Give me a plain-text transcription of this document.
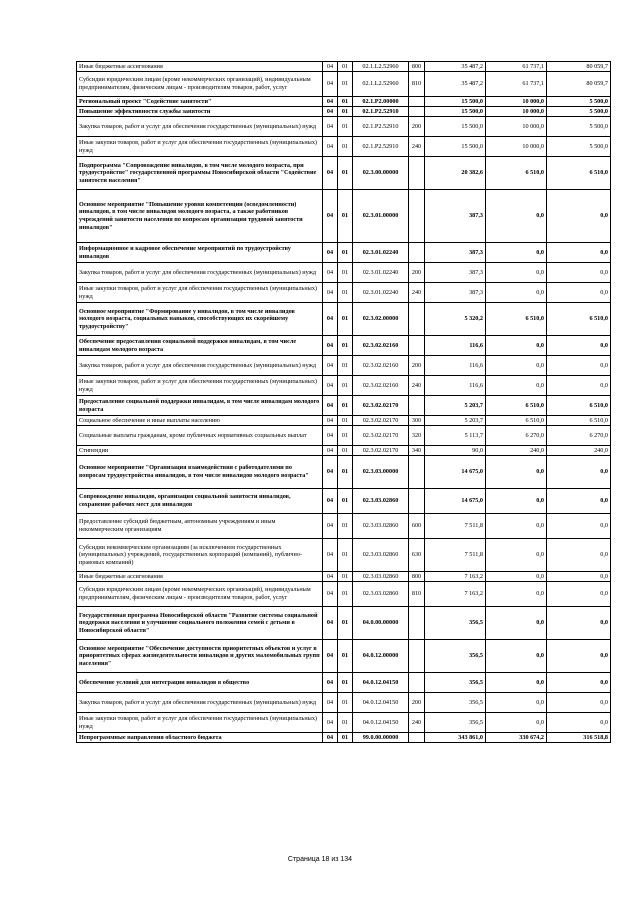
Иные бюджетные ассигнования	04	01	02.1.L2.52960	800	35 487,2	61 737,1	80 059,7
Субсидии юридическим лицам (кроме некоммерческих организаций), индивидуальным предпринимателям, физическим лицам - производителям товаров, работ, услуг	04	01	02.1.L2.52960	810	35 487,2	61 737,1	80 059,7
Региональный проект "Содействие занятости"	04	01	02.1.P2.00000		15 500,0	10 000,0	5 500,0
Повышение эффективности службы занятости	04	01	02.1.P2.52910		15 500,0	10 000,0	5 500,0
Закупка товаров, работ и услуг для обеспечения государственных (муниципальных) нужд	04	01	02.1.P2.52910	200	15 500,0	10 000,0	5 500,0
Иные закупки товаров, работ и услуг для обеспечения государственных (муниципальных) нужд	04	01	02.1.P2.52910	240	15 500,0	10 000,0	5 500,0
Подпрограмма "Сопровождение инвалидов, в том числе молодого возраста, при трудоустройстве" государственной программы Новосибирской области "Содействие занятости населения"	04	01	02.3.00.00000		20 382,6	6 510,0	6 510,0
Основное мероприятие "Повышение уровня компетенции (осведомленности) инвалидов, в том числе инвалидов молодого возраста, а также работников учреждений занятости населения по вопросам организации трудовой занятости инвалидов"	04	01	02.3.01.00000		387,3	0,0	0,0
Информационное и кадровое обеспечение мероприятий по трудоустройству инвалидов	04	01	02.3.01.02240		387,3	0,0	0,0
Закупка товаров, работ и услуг для обеспечения государственных (муниципальных) нужд	04	01	02.3.01.02240	200	387,3	0,0	0,0
Иные закупки товаров, работ и услуг для обеспечения государственных (муниципальных) нужд	04	01	02.3.01.02240	240	387,3	0,0	0,0
Основное мероприятие "Формирование у инвалидов, в том числе инвалидов молодого возраста, социальных навыков, способствующих их скорейшему трудоустройству"	04	01	02.3.02.00000		5 320,2	6 510,0	6 510,0
Обеспечение предоставления социальной поддержки инвалидам, в том числе инвалидам молодого возраста	04	01	02.3.02.02160		116,6	0,0	0,0
Закупка товаров, работ и услуг для обеспечения государственных (муниципальных) нужд	04	01	02.3.02.02160	200	116,6	0,0	0,0
Иные закупки товаров, работ и услуг для обеспечения государственных (муниципальных) нужд	04	01	02.3.02.02160	240	116,6	0,0	0,0
Предоставление социальной поддержки инвалидам, в том числе инвалидам молодого возраста	04	01	02.3.02.02170		5 203,7	6 510,0	6 510,0
Социальное обеспечение и иные выплаты населению	04	01	02.3.02.02170	300	5 203,7	6 510,0	6 510,0
Социальные выплаты гражданам, кроме публичных нормативных социальных выплат	04	01	02.3.02.02170	320	5 113,7	6 270,0	6 270,0
Стипендии	04	01	02.3.02.02170	340	90,0	240,0	240,0
Основное мероприятие "Организация взаимодействия с работодателями по вопросам трудоустройства инвалидов, в том числе инвалидов молодого возраста"	04	01	02.3.03.00000		14 675,0	0,0	0,0
Сопровождение инвалидов, организация социальной занятости инвалидов, сохранение рабочих мест для инвалидов	04	01	02.3.03.02860		14 675,0	0,0	0,0
Предоставление субсидий бюджетным, автономным учреждениям и иным некоммерческим организациям	04	01	02.3.03.02860	600	7 511,8	0,0	0,0
Субсидии некоммерческим организациям (за исключением государственных (муниципальных) учреждений, государственных корпораций (компаний), публично-правовых компаний)	04	01	02.3.03.02860	630	7 511,8	0,0	0,0
Иные бюджетные ассигнования	04	01	02.3.03.02860	800	7 163,2	0,0	0,0
Субсидии юридическим лицам (кроме некоммерческих организаций), индивидуальным предпринимателям, физическим лицам - производителям товаров, работ, услуг	04	01	02.3.03.02860	810	7 163,2	0,0	0,0
Государственная программа Новосибирской области "Развитие системы социальной поддержки населения и улучшение социального положения семей с детьми в Новосибирской области"	04	01	04.0.00.00000		356,5	0,0	0,0
Основное мероприятие "Обеспечение доступности приоритетных объектов и услуг в приоритетных сферах жизнедеятельности инвалидов и других маломобильных групп населения"	04	01	04.0.12.00000		356,5	0,0	0,0
Обеспечение условий для интеграции инвалидов в общество	04	01	04.0.12.04150		356,5	0,0	0,0
Закупка товаров, работ и услуг для обеспечения государственных (муниципальных) нужд	04	01	04.0.12.04150	200	356,5	0,0	0,0
Иные закупки товаров, работ и услуг для обеспечения государственных (муниципальных) нужд	04	01	04.0.12.04150	240	356,5	0,0	0,0
Непрограммные направления областного бюджета	04	01	99.0.00.00000		343 861,0	330 674,2	316 518,8
Страница 18 из 134
